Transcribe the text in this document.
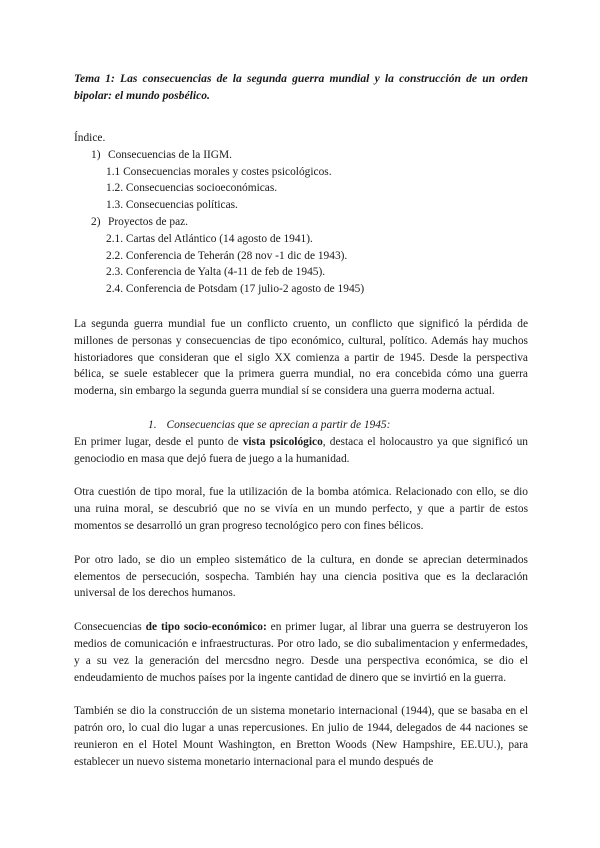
Tema 1: Las consecuencias de la segunda guerra mundial y la construcción de un orden bipolar: el mundo posbélico.

Índice.

1) Consecuencias de la IIGM.
1.1 Consecuencias morales y costes psicológicos.
1.2. Consecuencias socioeconómicas.
1.3. Consecuencias políticas.
2) Proyectos de paz.
2.1. Cartas del Atlántico (14 agosto de 1941).
2.2. Conferencia de Teherán (28 nov -1 dic de 1943).
2.3. Conferencia de Yalta (4-11 de feb de 1945).
2.4. Conferencia de Potsdam (17 julio-2 agosto de 1945)

La segunda guerra mundial fue un conflicto cruento, un conflicto que significó la pérdida de millones de personas y consecuencias de tipo económico, cultural, político. Además hay muchos historiadores que consideran que el siglo XX comienza a partir de 1945. Desde la perspectiva bélica, se suele establecer que la primera guerra mundial, no era concebida cómo una guerra moderna, sin embargo la segunda guerra mundial sí se considera una guerra moderna actual.

1. Consecuencias que se aprecian a partir de 1945:

En primer lugar, desde el punto de vista psicológico, destaca el holocaustro ya que significó un genociodio en masa que dejó fuera de juego a la humanidad.

Otra cuestión de tipo moral, fue la utilización de la bomba atómica. Relacionado con ello, se dio una ruina moral, se descubrió que no se vivía en un mundo perfecto, y que a partir de estos momentos se desarrolló un gran progreso tecnológico pero con fines bélicos.

Por otro lado, se dio un empleo sistemático de la cultura, en donde se aprecian determinados elementos de persecución, sospecha. También hay una ciencia positiva que es la declaración universal de los derechos humanos.

Consecuencias de tipo socio-económico: en primer lugar, al librar una guerra se destruyeron los medios de comunicación e infraestructuras. Por otro lado, se dio subalimentacion y enfermedades, y a su vez la generación del mercsdno negro. Desde una perspectiva económica, se dio el endeudamiento de muchos países por la ingente cantidad de dinero que se invirtió en la guerra.

También se dio la construcción de un sistema monetario internacional (1944), que se basaba en el patrón oro, lo cual dio lugar a unas repercusiones. En julio de 1944, delegados de 44 naciones se reunieron en el Hotel Mount Washington, en Bretton Woods (New Hampshire, EE.UU.), para establecer un nuevo sistema monetario internacional para el mundo después de
